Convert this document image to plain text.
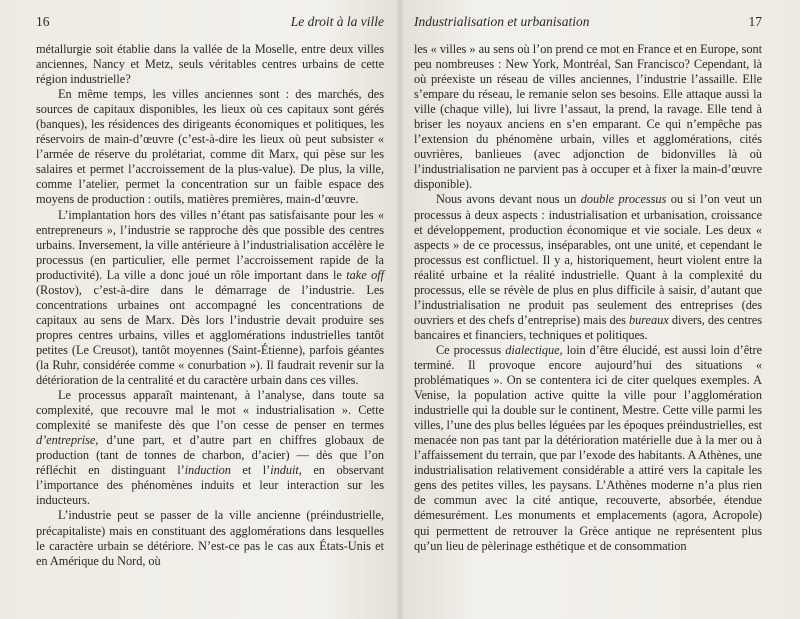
16	Le droit à la ville

métallurgie soit établie dans la vallée de la Moselle, entre deux villes anciennes, Nancy et Metz, seuls véritables centres urbains de cette région industrielle?

En même temps, les villes anciennes sont : des marchés, des sources de capitaux disponibles, les lieux où ces capitaux sont gérés (banques), les résidences des dirigeants économiques et politiques, les réservoirs de main-d’œuvre (c’est-à-dire les lieux où peut subsister « l’armée de réserve du prolétariat, comme dit Marx, qui pèse sur les salaires et permet l’accroissement de la plus-value). De plus, la ville, comme l’atelier, permet la concentration sur un faible espace des moyens de production : outils, matières premières, main-d’œuvre.

L’implantation hors des villes n’étant pas satisfaisante pour les « entrepreneurs », l’industrie se rapproche dès que possible des centres urbains. Inversement, la ville antérieure à l’industrialisation accélère le processus (en particulier, elle permet l’accroissement rapide de la productivité). La ville a donc joué un rôle important dans le take off (Rostov), c’est-à-dire dans le démarrage de l’industrie. Les concentrations urbaines ont accompagné les concentrations de capitaux au sens de Marx. Dès lors l’industrie devait produire ses propres centres urbains, villes et agglomérations industrielles tantôt petites (Le Creusot), tantôt moyennes (Saint-Étienne), parfois géantes (la Ruhr, considérée comme « conurbation »). Il faudrait revenir sur la détérioration de la centralité et du caractère urbain dans ces villes.

Le processus apparaît maintenant, à l’analyse, dans toute sa complexité, que recouvre mal le mot « industrialisation ». Cette complexité se manifeste dès que l’on cesse de penser en termes d’entreprise, d’une part, et d’autre part en chiffres globaux de production (tant de tonnes de charbon, d’acier) — dès que l’on réfléchit en distinguant l’induction et l’induit, en observant l’importance des phénomènes induits et leur interaction sur les inducteurs.

L’industrie peut se passer de la ville ancienne (préindustrielle, précapitaliste) mais en constituant des agglomérations dans lesquelles le caractère urbain se détériore. N’est-ce pas le cas aux États-Unis et en Amérique du Nord, où

Industrialisation et urbanisation	17

les « villes » au sens où l’on prend ce mot en France et en Europe, sont peu nombreuses : New York, Montréal, San Francisco? Cependant, là où préexiste un réseau de villes anciennes, l’industrie l’assaille. Elle s’empare du réseau, le remanie selon ses besoins. Elle attaque aussi la ville (chaque ville), lui livre l’assaut, la prend, la ravage. Elle tend à briser les noyaux anciens en s’en emparant. Ce qui n’empêche pas l’extension du phénomène urbain, villes et agglomérations, cités ouvrières, banlieues (avec adjonction de bidonvilles là où l’industrialisation ne parvient pas à occuper et à fixer la main-d’œuvre disponible).

Nous avons devant nous un double processus ou si l’on veut un processus à deux aspects : industrialisation et urbanisation, croissance et développement, production économique et vie sociale. Les deux « aspects » de ce processus, inséparables, ont une unité, et cependant le processus est conflictuel. Il y a, historiquement, heurt violent entre la réalité urbaine et la réalité industrielle. Quant à la complexité du processus, elle se révèle de plus en plus difficile à saisir, d’autant que l’industrialisation ne produit pas seulement des entreprises (des ouvriers et des chefs d’entreprise) mais des bureaux divers, des centres bancaires et financiers, techniques et politiques.

Ce processus dialectique, loin d’être élucidé, est aussi loin d’être terminé. Il provoque encore aujourd’hui des situations « problématiques ». On se contentera ici de citer quelques exemples. A Venise, la population active quitte la ville pour l’agglomération industrielle qui la double sur le continent, Mestre. Cette ville parmi les villes, l’une des plus belles léguées par les époques préindustrielles, est menacée non pas tant par la détérioration matérielle due à la mer ou à l’affaissement du terrain, que par l’exode des habitants. A Athènes, une industrialisation relativement considérable a attiré vers la capitale les gens des petites villes, les paysans. L’Athènes moderne n’a plus rien de commun avec la cité antique, recouverte, absorbée, étendue démesurément. Les monuments et emplacements (agora, Acropole) qui permettent de retrouver la Grèce antique ne représentent plus qu’un lieu de pèlerinage esthétique et de consommation
